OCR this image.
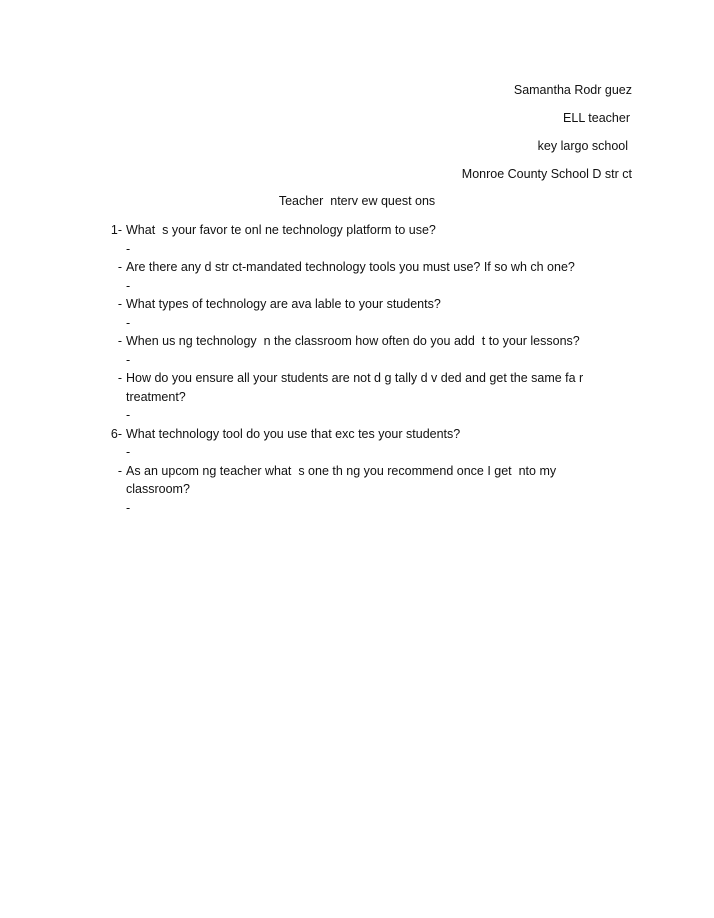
Samantha Rodr guez
ELL teacher
key largo school
Monroe County School D str ct
Teacher  nterv ew quest ons
1- What  s your favor te onl ne technology platform to use?
-
- Are there any d str ct-mandated technology tools you must use? If so wh ch one?
-
- What types of technology are ava lable to your students?
-
- When us ng technology  n the classroom how often do you add  t to your lessons?
-
- How do you ensure all your students are not d g tally d v ded and get the same fa r treatment?
-
6- What technology tool do you use that exc tes your students?
-
- As an upcom ng teacher what  s one th ng you recommend once I get  nto my classroom?
-
